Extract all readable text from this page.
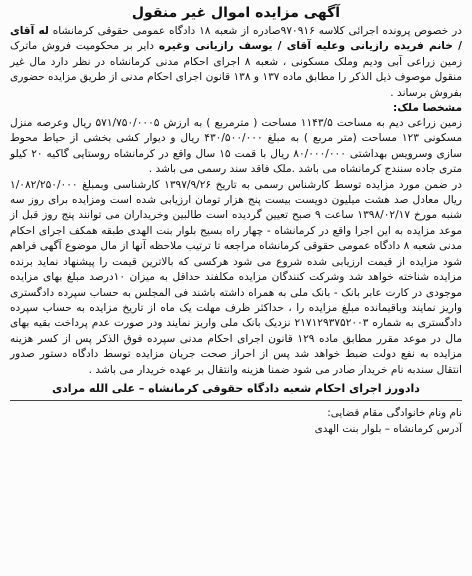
آگهی مزایده اموال غیر منقول

در خصوص پرونده اجرائی کلاسه ۹۷۰۹۱۶صادره از شعبه ۱۸ دادگاه عمومی حقوقی کرمانشاه له آقای / خانم فریده رازیانی وعلیه آقای / یوسف رازیانی وغیره دایر بر محکومیت فروش ماترک زمین زراعی آبی ودیم وملک مسکونی ، شعبه ۸ اجرای احکام مدنی کرمانشاه در نظر دارد مال غیر منقول موصوف ذیل الذکر را مطابق ماده ۱۳۷ و ۱۳۸ قانون اجرای احکام مدنی از طریق مزایده حضوری بفروش برساند .

مشخصا ملک:

زمین زراعی دیم به مساحت ۱۱۴۳/۵ مساحت ( مترمربع ) به ارزش ۵۷۱/۷۵۰/۰۰۰۵ ریال وعرصه منزل مسکونی ۱۲۳ مساحت (متر مربع ) به مبلغ ۴۳۰/۵۰۰/۰۰۰ ریال و دیوار کشی بخشی از حیاط محوط سازی وسرویس بهداشتی ۸۰/۰۰۰/۰۰۰ ریال با قمت ۱۵ سال واقع در کرمانشاه روستایی گاکیه ۲۰ کیلو متری جاده سنندج کرمانشاه می باشد .ملک فاقد سند رسمی می باشد .

در ضمن مورد مزایده توسط کارشناس رسمی به تاریخ ۱۳۹۷/۹/۲۶ کارشناسی وبمبلغ ۱/۰۸۲/۲۵۰/۰۰۰ ریال معادل صد هشت میلیون دویست بیست پنج هزار تومان ارزیابی شده است ومزایده برای روز سه شنبه مورخ ۱۳۹۸/۰۲/۱۷ ساعت ۹ صبح تعیین گردیده است طالبین وخریداران می توانند پنج روز قبل از موعد مزایده به این اجرا واقع در کرمانشاه - چهار راه بسیج بلوار بنت الهدی طبقه همکف اجرای احکام مدنی شعبه ۸ دادگاه عمومی حقوقی کرمانشاه مراجعه تا ترتیب ملاحظه آنها از مال موضوع آگهی فراهم شود مزایده از قیمت ارزیابی شده شروع می شود هرکسی که بالاترین قیمت را پیشنهاد نماید برنده مزایده شناخته خواهد شد وشرکت کنندگان مزایده مکلفند حداقل به میزان ۱۰درصد مبلغ بهای مزایده موجودی در کارت عابر بانک - بانک ملی به همراه داشته باشند فی المجلس به حساب سپرده دادگستری واریز نمایند وباقیمانده مبلغ مزایده را ، حداکثر ظرف مهلت یک ماه از تاریخ مزایده به حساب سپرده دادگستری به شماره ۲۱۷۱۲۹۳۷۵۲۰۰۳ نزدیک بانک ملی واریز نمایند ودر صورت عدم پرداخت بقیه بهای مال در موعد مقرر مطابق ماده ۱۲۹ قانون اجرای احکام مدنی سپرده فوق الذکر پس از کسر هزینه مزایده به نفع دولت ضبط خواهد شد پس از احراز صحت جریان مزایده توسط دادگاه دستور صدور انتقال سندبه نام خریدار صادر می شود ضمنا هزینه وانتقال بر عهده خریدار می باشد .

دادورز اجرای احکام شعبه دادگاه حقوقی کرمانشاه – علی الله مرادی

نام ونام خانوادگی مقام قضایی:

آدرس کرمانشاه – بلوار بنت الهدی
